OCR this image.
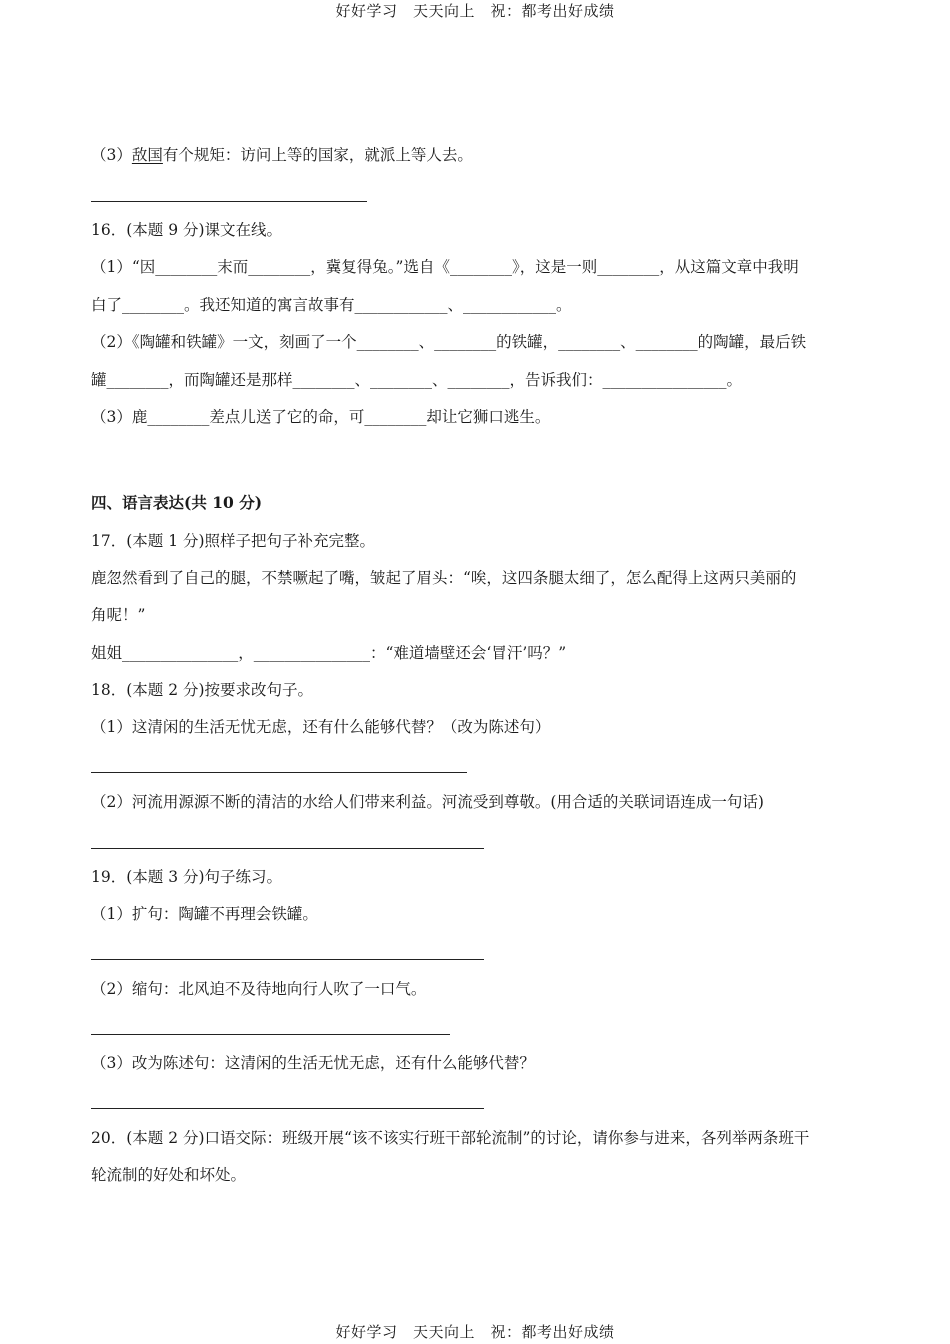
好好学习　天天向上　祝：都考出好成绩
（3）敌国有个规矩：访问上等的国家，就派上等人去。
16．(本题 9 分)课文在线。
（1）“因________末而________，冀复得兔。”选自《________》，这是一则________，从这篇文章中我明
白了________。我还知道的寓言故事有____________、____________。
（2）《陶罐和铁罐》一文，刻画了一个________、________的铁罐，________、________的陶罐，最后铁
罐________，而陶罐还是那样________、________、________，告诉我们：________________。
（3）鹿________差点儿送了它的命，可________却让它狮口逃生。
四、语言表达(共 10 分)
17．(本题 1 分)照样子把句子补充完整。
鹿忽然看到了自己的腿，不禁噘起了嘴，皱起了眉头：“唉，这四条腿太细了，怎么配得上这两只美丽的
角呢！”
姐姐_______________，_______________：“难道墙壁还会‘冒汗’吗？”
18．(本题 2 分)按要求改句子。
（1）这清闲的生活无忧无虑，还有什么能够代替？（改为陈述句）
（2）河流用源源不断的清洁的水给人们带来利益。河流受到尊敬。(用合适的关联词语连成一句话)
19．(本题 3 分)句子练习。
（1）扩句：陶罐不再理会铁罐。
（2）缩句：北风迫不及待地向行人吹了一口气。
（3）改为陈述句：这清闲的生活无忧无虑，还有什么能够代替？
20．(本题 2 分)口语交际：班级开展“该不该实行班干部轮流制”的讨论，请你参与进来，各列举两条班干
轮流制的好处和坏处。
好好学习　天天向上　祝：都考出好成绩
